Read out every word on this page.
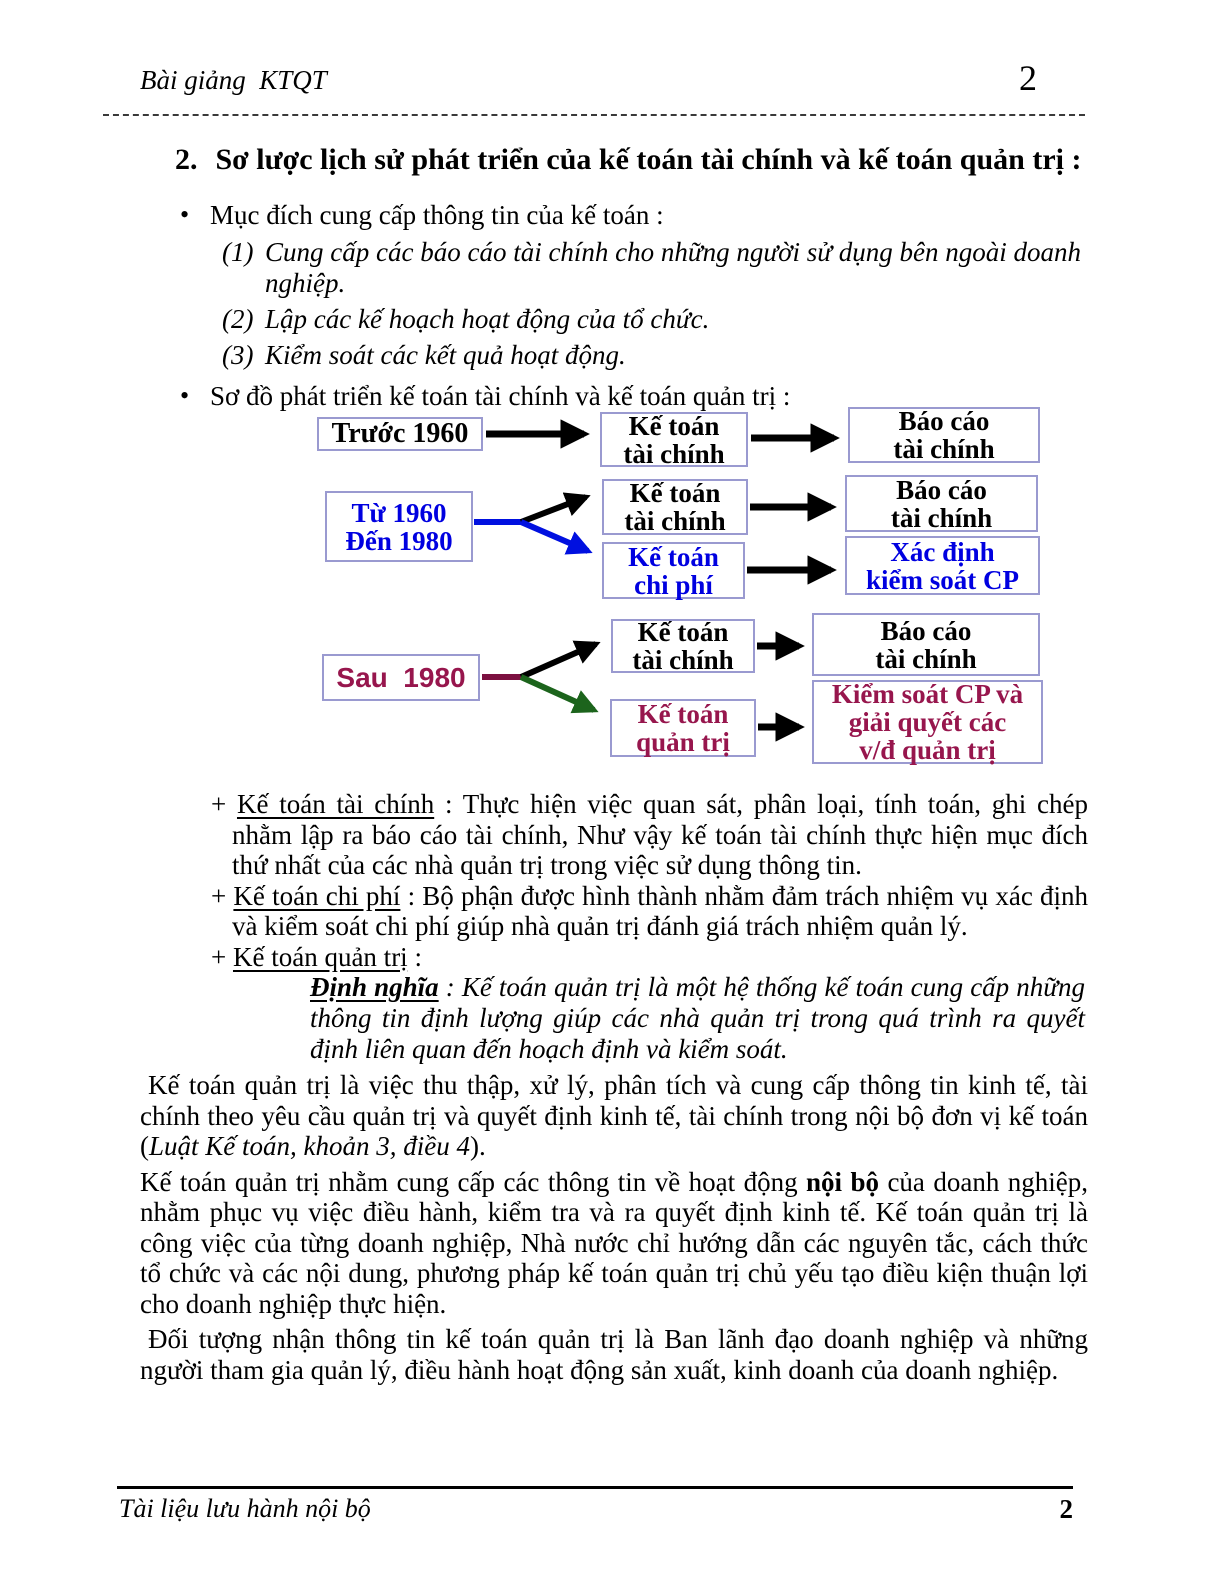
Bài giảng  KTQT	2
2. Sơ lược lịch sử phát triển của kế toán tài chính và kế toán quản trị :
• Mục đích cung cấp thông tin của kế toán :
(1) Cung cấp các báo cáo tài chính cho những người sử dụng bên ngoài doanh nghiệp.
(2) Lập các kế hoạch hoạt động của tổ chức.
(3) Kiểm soát các kết quả hoạt động.
• Sơ đồ phát triển kế toán tài chính và kế toán quản trị :
Trước 1960	Kế toán
tài chính
Báo cáo
tài chính
Từ 1960
Đến 1980
Kế toán
tài chính
Báo cáo
tài chính
Kế toán
chi phí
Xác định
kiểm soát CP
Kế toán
tài chính
Báo cáo
tài chính
Sau  1980
Kế toán
quản trị
Kiểm soát CP và
giải quyết các
v/đ quản trị
+ Kế toán tài chính : Thực hiện việc quan sát, phân loại, tính toán, ghi chép nhằm lập ra báo cáo tài chính, Như vậy kế toán tài chính thực hiện mục đích thứ nhất của các nhà quản trị trong việc sử dụng thông tin.
+ Kế toán chi phí : Bộ phận được hình thành nhằm đảm trách nhiệm vụ xác định và kiểm soát chi phí giúp nhà quản trị đánh giá trách nhiệm quản lý.
+ Kế toán quản trị :
Định nghĩa : Kế toán quản trị là một hệ thống kế toán cung cấp những thông tin định lượng giúp các nhà quản trị trong quá trình ra quyết định liên quan đến hoạch định và kiểm soát.
Kế toán quản trị là việc thu thập, xử lý, phân tích và cung cấp thông tin kinh tế, tài chính theo yêu cầu quản trị và quyết định kinh tế, tài chính trong nội bộ đơn vị kế toán (Luật Kế toán, khoản 3, điều 4).
Kế toán quản trị nhằm cung cấp các thông tin về hoạt động nội bộ của doanh nghiệp, nhằm phục vụ việc điều hành, kiểm tra và ra quyết định kinh tế. Kế toán quản trị là công việc của từng doanh nghiệp, Nhà nước chỉ hướng dẫn các nguyên tắc, cách thức tổ chức và các nội dung, phương pháp kế toán quản trị chủ yếu tạo điều kiện thuận lợi cho doanh nghiệp thực hiện.
Đối tượng nhận thông tin kế toán quản trị là Ban lãnh đạo doanh nghiệp và những người tham gia quản lý, điều hành hoạt động sản xuất, kinh doanh của doanh nghiệp.
Tài liệu lưu hành nội bộ	2
